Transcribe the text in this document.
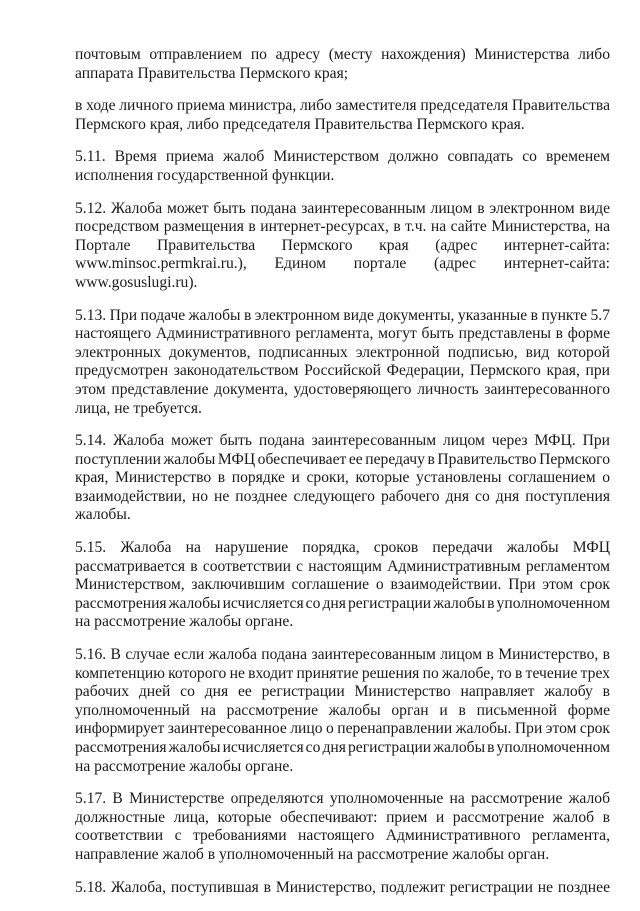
почтовым отправлением по адресу (месту нахождения) Министерства либо
аппарата Правительства Пермского края;
в ходе личного приема министра, либо заместителя председателя Правительства
Пермского края, либо председателя Правительства Пермского края.
5.11. Время приема жалоб Министерством должно совпадать со временем
исполнения государственной функции.
5.12. Жалоба может быть подана заинтересованным лицом в электронном виде
посредством размещения в интернет-ресурсах, в т.ч. на сайте Министерства, на
Портале Правительства Пермского края (адрес интернет-сайта:
www.minsoc.permkrai.ru.), Едином портале (адрес интернет-сайта:
www.gosuslugi.ru).
5.13. При подаче жалобы в электронном виде документы, указанные в пункте 5.7
настоящего Административного регламента, могут быть представлены в форме
электронных документов, подписанных электронной подписью, вид которой
предусмотрен законодательством Российской Федерации, Пермского края, при
этом представление документа, удостоверяющего личность заинтересованного
лица, не требуется.
5.14. Жалоба может быть подана заинтересованным лицом через МФЦ. При
поступлении жалобы МФЦ обеспечивает ее передачу в Правительство Пермского
края, Министерство в порядке и сроки, которые установлены соглашением о
взаимодействии, но не позднее следующего рабочего дня со дня поступления
жалобы.
5.15. Жалоба на нарушение порядка, сроков передачи жалобы МФЦ
рассматривается в соответствии с настоящим Административным регламентом
Министерством, заключившим соглашение о взаимодействии. При этом срок
рассмотрения жалобы исчисляется со дня регистрации жалобы в уполномоченном
на рассмотрение жалобы органе.
5.16. В случае если жалоба подана заинтересованным лицом в Министерство, в
компетенцию которого не входит принятие решения по жалобе, то в течение трех
рабочих дней со дня ее регистрации Министерство направляет жалобу в
уполномоченный на рассмотрение жалобы орган и в письменной форме
информирует заинтересованное лицо о перенаправлении жалобы. При этом срок
рассмотрения жалобы исчисляется со дня регистрации жалобы в уполномоченном
на рассмотрение жалобы органе.
5.17. В Министерстве определяются уполномоченные на рассмотрение жалоб
должностные лица, которые обеспечивают: прием и рассмотрение жалоб в
соответствии с требованиями настоящего Административного регламента,
направление жалоб в уполномоченный на рассмотрение жалобы орган.
5.18. Жалоба, поступившая в Министерство, подлежит регистрации не позднее
